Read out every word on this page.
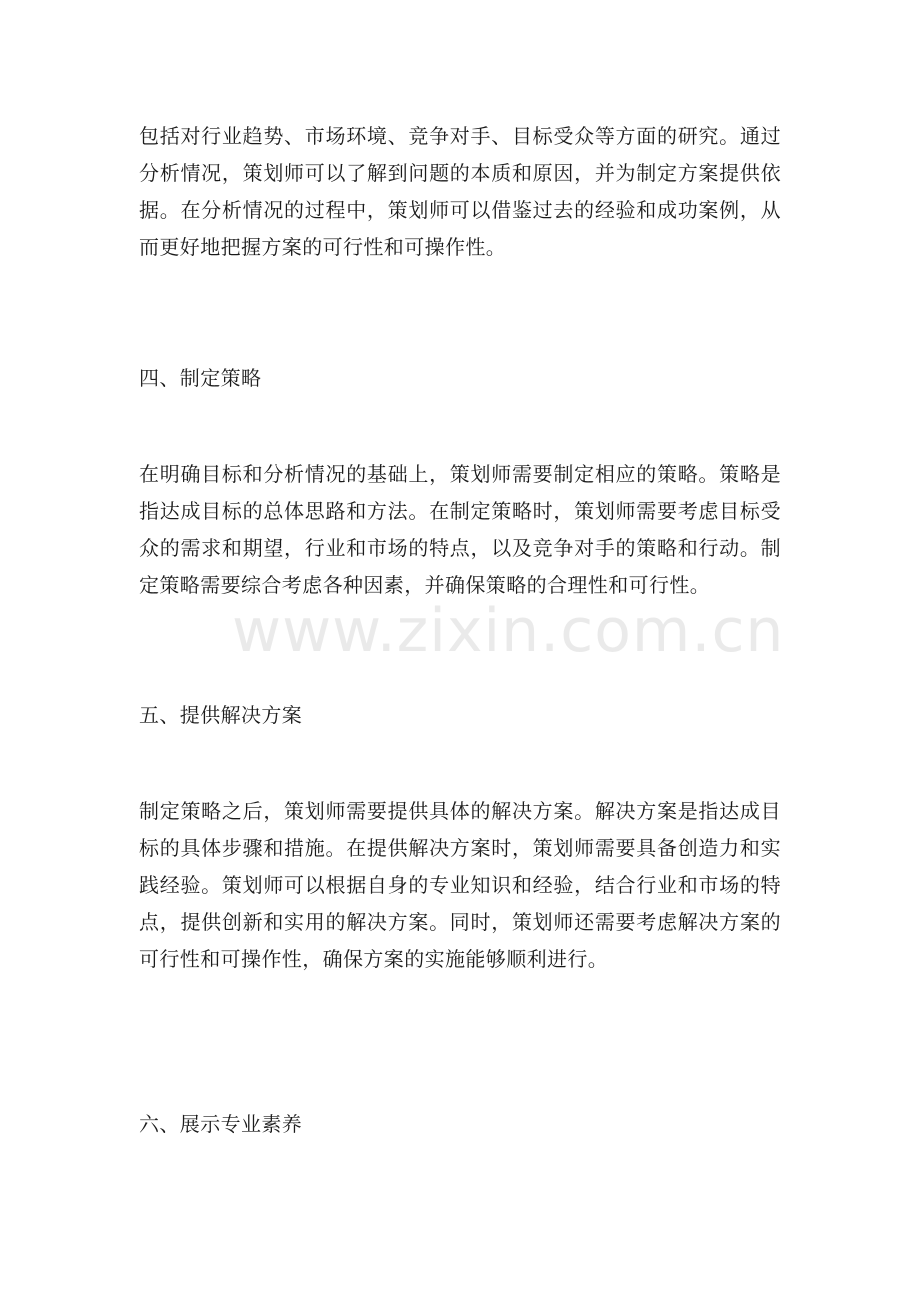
包括对行业趋势、市场环境、竞争对手、目标受众等方面的研究。通过分析情况，策划师可以了解到问题的本质和原因，并为制定方案提供依据。在分析情况的过程中，策划师可以借鉴过去的经验和成功案例，从而更好地把握方案的可行性和可操作性。

四、制定策略

在明确目标和分析情况的基础上，策划师需要制定相应的策略。策略是指达成目标的总体思路和方法。在制定策略时，策划师需要考虑目标受众的需求和期望，行业和市场的特点，以及竞争对手的策略和行动。制定策略需要综合考虑各种因素，并确保策略的合理性和可行性。

五、提供解决方案

制定策略之后，策划师需要提供具体的解决方案。解决方案是指达成目标的具体步骤和措施。在提供解决方案时，策划师需要具备创造力和实践经验。策划师可以根据自身的专业知识和经验，结合行业和市场的特点，提供创新和实用的解决方案。同时，策划师还需要考虑解决方案的可行性和可操作性，确保方案的实施能够顺利进行。

六、展示专业素养

www.zixin.com.cn
